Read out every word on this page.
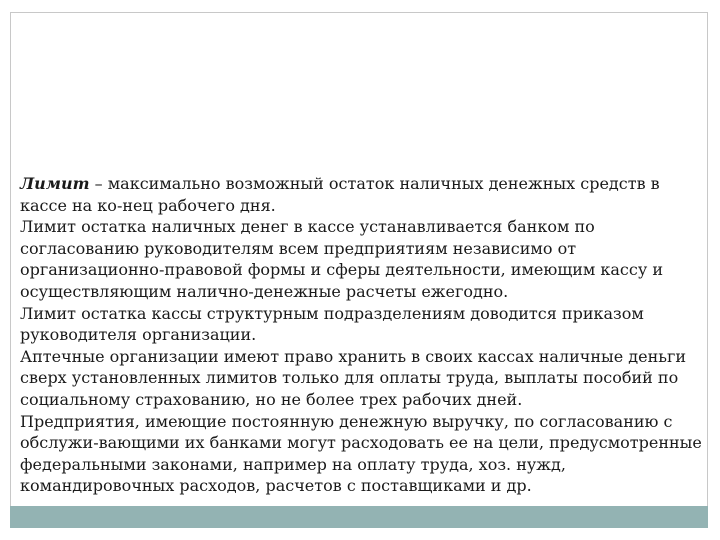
Лимит – максимально возможный остаток наличных денежных средств в кассе на ко-нец рабочего дня.

Лимит остатка наличных денег в кассе устанавливается банком по согласованию руководителям всем предприятиям независимо от организационно-правовой формы и сферы деятельности, имеющим кассу и осуществляющим налично-денежные расчеты ежегодно.

Лимит остатка кассы структурным подразделениям доводится приказом руководителя организации.

Аптечные организации имеют право хранить в своих кассах наличные деньги сверх установленных лимитов только для оплаты труда, выплаты пособий по социальному страхованию, но не более трех рабочих дней.

Предприятия, имеющие постоянную денежную выручку, по согласованию с обслужи-вающими их банками могут расходовать ее на цели, предусмотренные федеральными законами, например на оплату труда, хоз. нужд, командировочных расходов, расчетов с поставщиками и др.
